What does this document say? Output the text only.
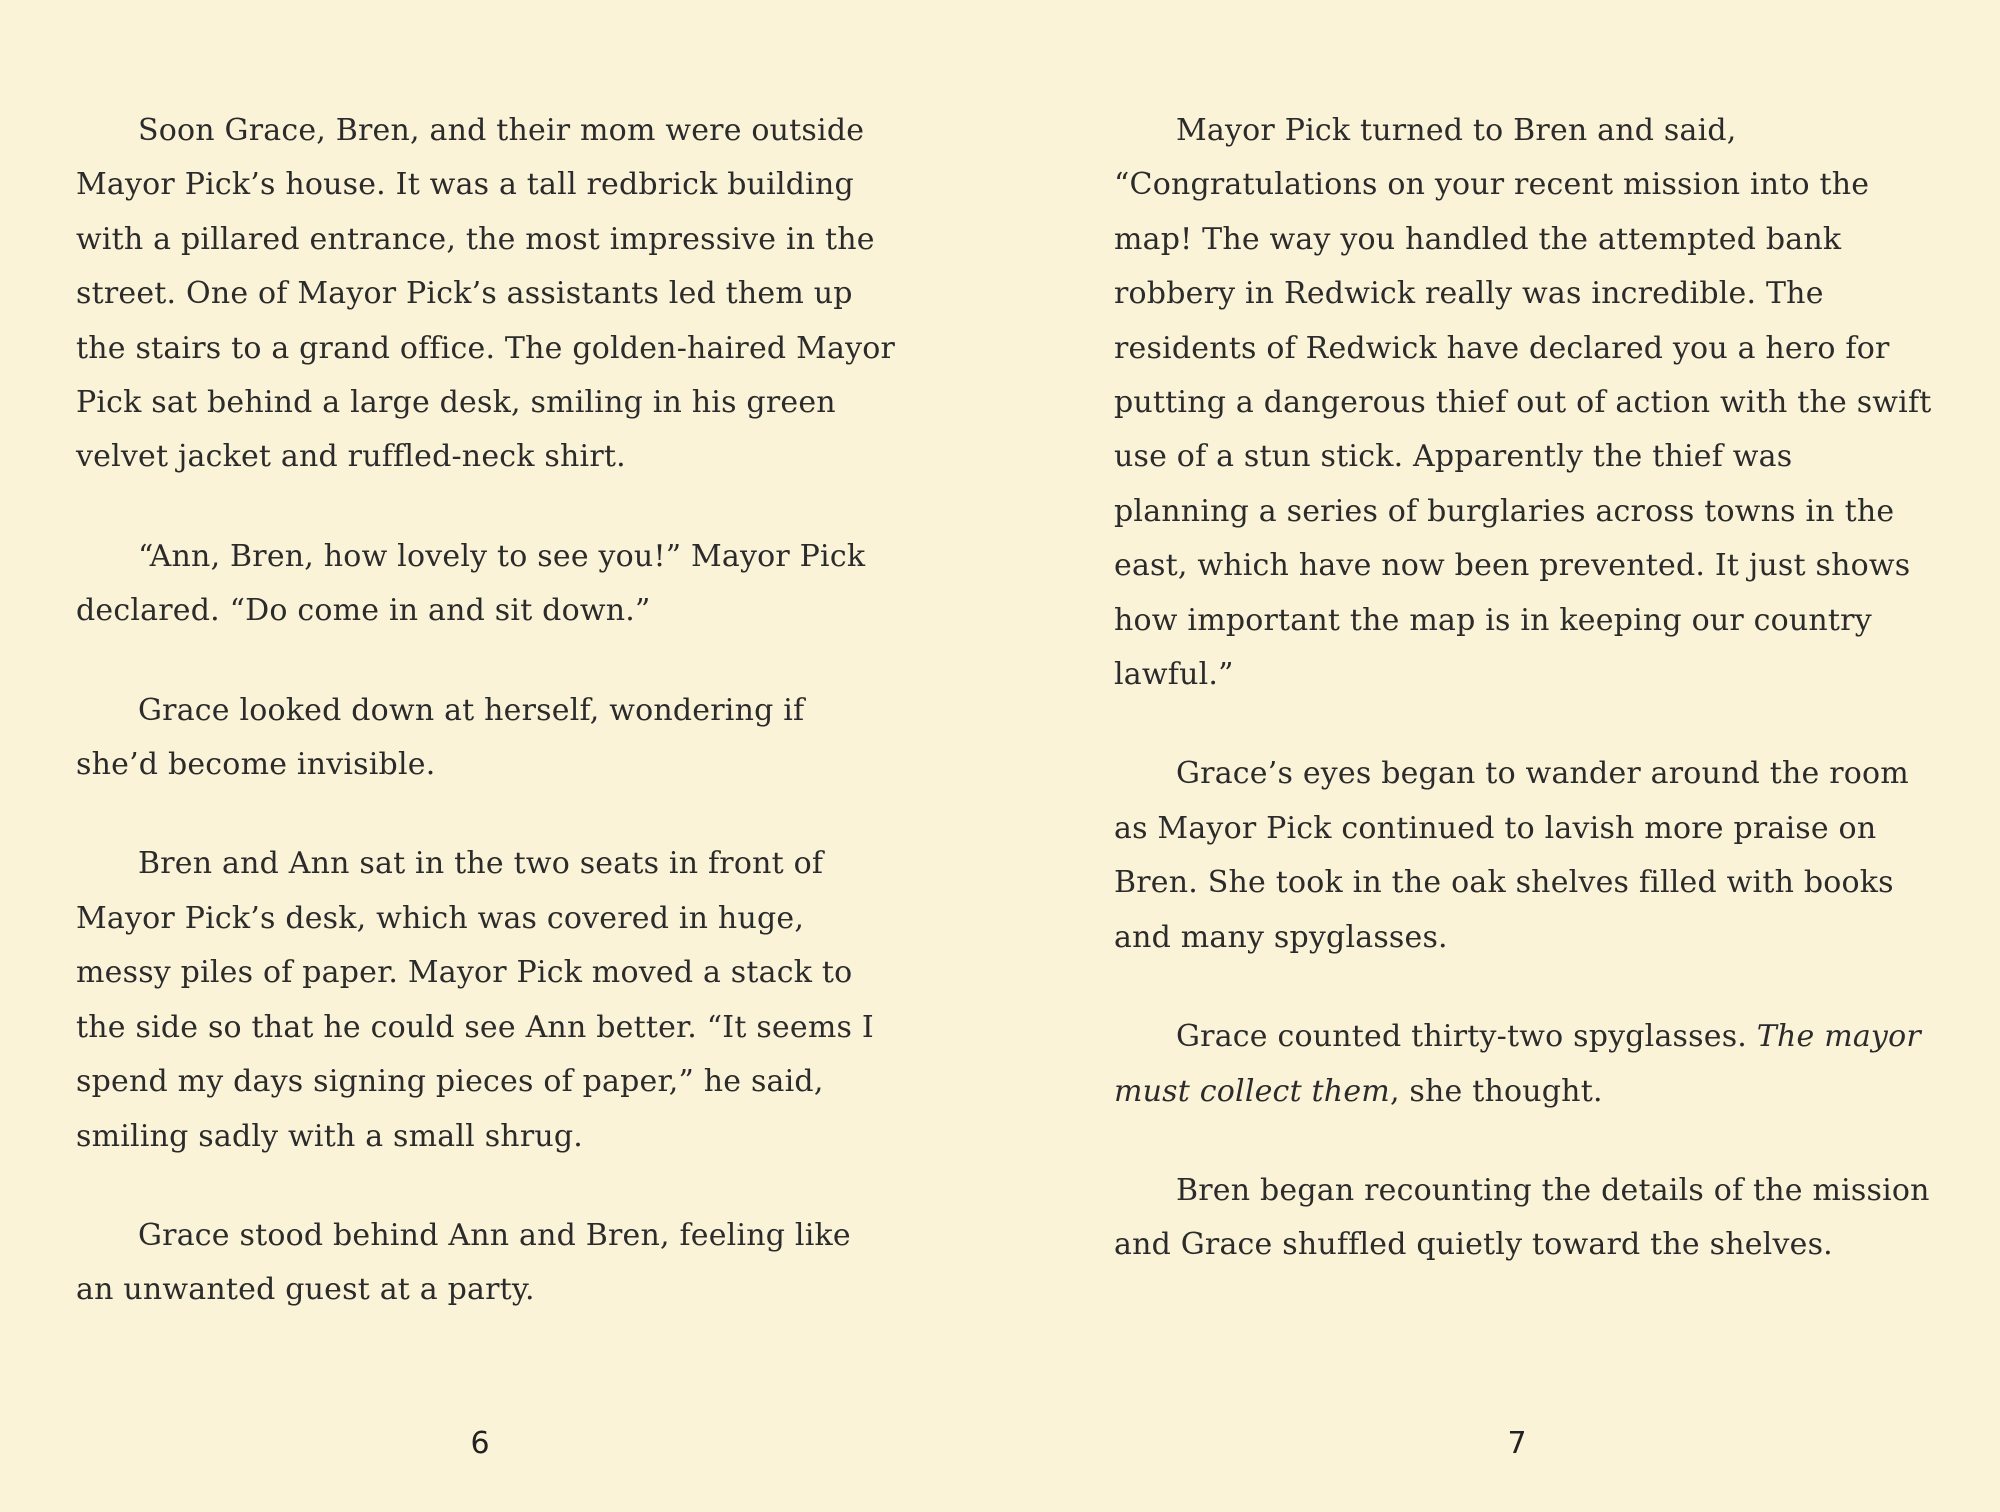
Soon Grace, Bren, and their mom were outside Mayor Pick’s house. It was a tall redbrick building with a pillared entrance, the most impressive in the street. One of Mayor Pick’s assistants led them up the stairs to a grand office. The golden-haired Mayor Pick sat behind a large desk, smiling in his green velvet jacket and ruffled-neck shirt.

“Ann, Bren, how lovely to see you!” Mayor Pick declared. “Do come in and sit down.”

Grace looked down at herself, wondering if she’d become invisible.

Bren and Ann sat in the two seats in front of Mayor Pick’s desk, which was covered in huge, messy piles of paper. Mayor Pick moved a stack to the side so that he could see Ann better. “It seems I spend my days signing pieces of paper,” he said, smiling sadly with a small shrug.

Grace stood behind Ann and Bren, feeling like an unwanted guest at a party.

Mayor Pick turned to Bren and said, “Congratulations on your recent mission into the map! The way you handled the attempted bank robbery in Redwick really was incredible. The residents of Redwick have declared you a hero for putting a dangerous thief out of action with the swift use of a stun stick. Apparently the thief was planning a series of burglaries across towns in the east, which have now been prevented. It just shows how important the map is in keeping our country lawful.”

Grace’s eyes began to wander around the room as Mayor Pick continued to lavish more praise on Bren. She took in the oak shelves filled with books and many spyglasses.

Grace counted thirty-two spyglasses. The mayor must collect them, she thought.

Bren began recounting the details of the mission and Grace shuffled quietly toward the shelves.

6	7
